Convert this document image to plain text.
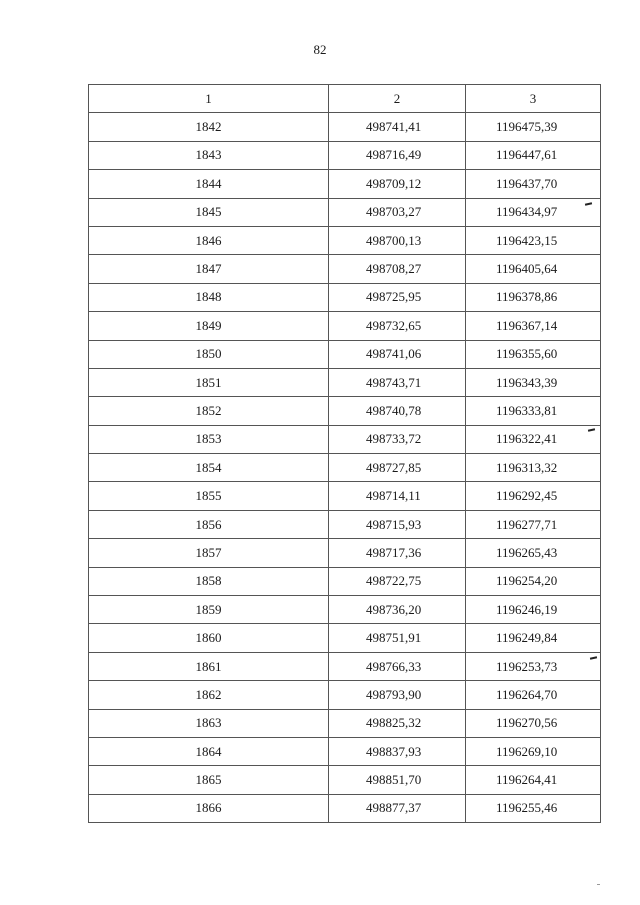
82
1	2	3
1842	498741,41	1196475,39
1843	498716,49	1196447,61
1844	498709,12	1196437,70
1845	498703,27	1196434,97
1846	498700,13	1196423,15
1847	498708,27	1196405,64
1848	498725,95	1196378,86
1849	498732,65	1196367,14
1850	498741,06	1196355,60
1851	498743,71	1196343,39
1852	498740,78	1196333,81
1853	498733,72	1196322,41
1854	498727,85	1196313,32
1855	498714,11	1196292,45
1856	498715,93	1196277,71
1857	498717,36	1196265,43
1858	498722,75	1196254,20
1859	498736,20	1196246,19
1860	498751,91	1196249,84
1861	498766,33	1196253,73
1862	498793,90	1196264,70
1863	498825,32	1196270,56
1864	498837,93	1196269,10
1865	498851,70	1196264,41
1866	498877,37	1196255,46
